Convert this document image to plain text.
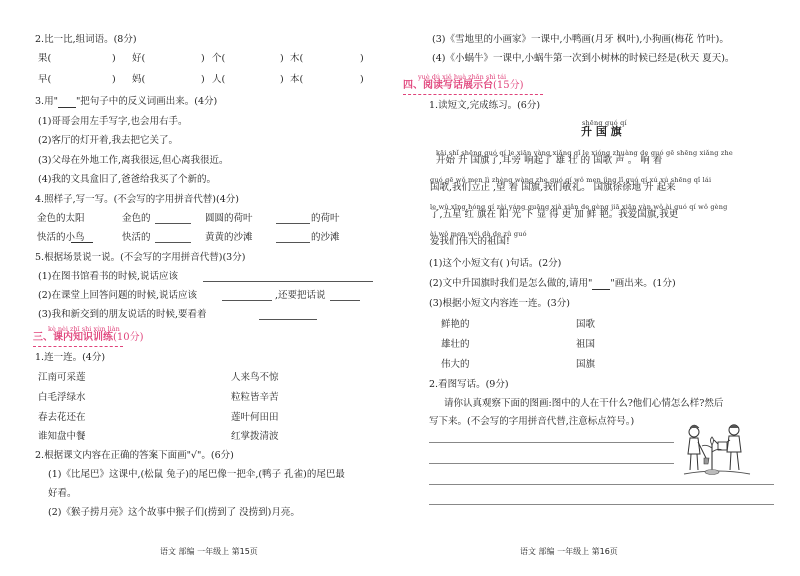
2.比一比,组词语。(8分)
果(	) 好(	) 个(	) 木(	)
早(	) 妈(	) 人(	) 本(	)
3.用" "把句子中的反义词画出来。(4分)
(1)哥哥会用左手写字,也会用右手。
(2)客厅的灯开着,我去把它关了。
(3)父母在外地工作,离我很远,但心离我很近。
(4)我的文具盒旧了,爸爸给我买了个新的。
4.照样子,写一写。(不会写的字用拼音代替)(4分)
金色的太阳	金色的	圆圆的荷叶	的荷叶
快活的小鸟	快活的	黄黄的沙滩	的沙滩
5.根据场景说一说。(不会写的字用拼音代替)(3分)
(1)在图书馆看书的时候,说话应该
(2)在课堂上回答问题的时候,说话应该	,还要把话说
(3)我和新交到的朋友说话的时候,要看着
kè nèi zhī shi xùn liàn
三、课内知识训练(10分)
1.连一连。(4分)
江南可采莲
白毛浮绿水
春去花还在
谁知盘中餐
人来鸟不惊
粒粒皆辛苦
莲叶何田田
红掌拨清波
2.根据课文内容在正确的答案下面画"√"。(6分)
(1)《比尾巴》这课中,(松鼠 兔子)的尾巴像一把伞,(鸭子 孔雀)的尾巴最
好看。
(2)《猴子捞月亮》这个故事中猴子们(捞到了 没捞到)月亮。
语文 部编 一年级上 第15页
(3)《雪地里的小画家》一课中,小鸭画(月牙 枫叶),小狗画(梅花 竹叶)。
(4)《小蜗牛》一课中,小蜗牛第一次到小树林的时候已经是(秋天 夏天)。
yuè dú xiě huà zhǎn shì tái
四、阅读写话展示台(15分)
1.读短文,完成练习。(6分)
shēng guó qí
升 国 旗
kāi shǐ shēng guó qí le xiān yàng xiǎng qǐ le xióng zhuàng de guó gē shēng xiǎng zhe
开始 升 国旗了,耳旁 响起了 雄 壮 的 国歌 声 。 响 着
guó gē wǒ men lì zhèng wàng zhe guó qí wǒ men jìng lǐ guó qí xú xú shēng qǐ lái
国歌,我们立正 ,望 着 国旗,我们敬礼。 国旗徐徐地 升 起来
le wǔ xīng hóng qí zài yáng guāng xià xiǎn de gèng jiā xiān yàn wǒ ài guó qí wǒ gèng
了,五星 红 旗在 阳 光 下 显 得 更 加 鲜 艳。我爱国旗,我更
ài wǒ men wěi dà de zǔ guó
爱我们伟大的祖国!
(1)这个小短文有( )句话。(2分)
(2)文中升国旗时我们是怎么做的,请用" "画出来。(1分)
(3)根据小短文内容连一连。(3分)
鲜艳的
雄壮的
伟大的
国歌
祖国
国旗
2.看图写话。(9分)
请你认真观察下面的图画:图中的人在干什么?他们心情怎么样?然后
写下来。(不会写的字用拼音代替,注意标点符号。)
语文 部编 一年级上 第16页
